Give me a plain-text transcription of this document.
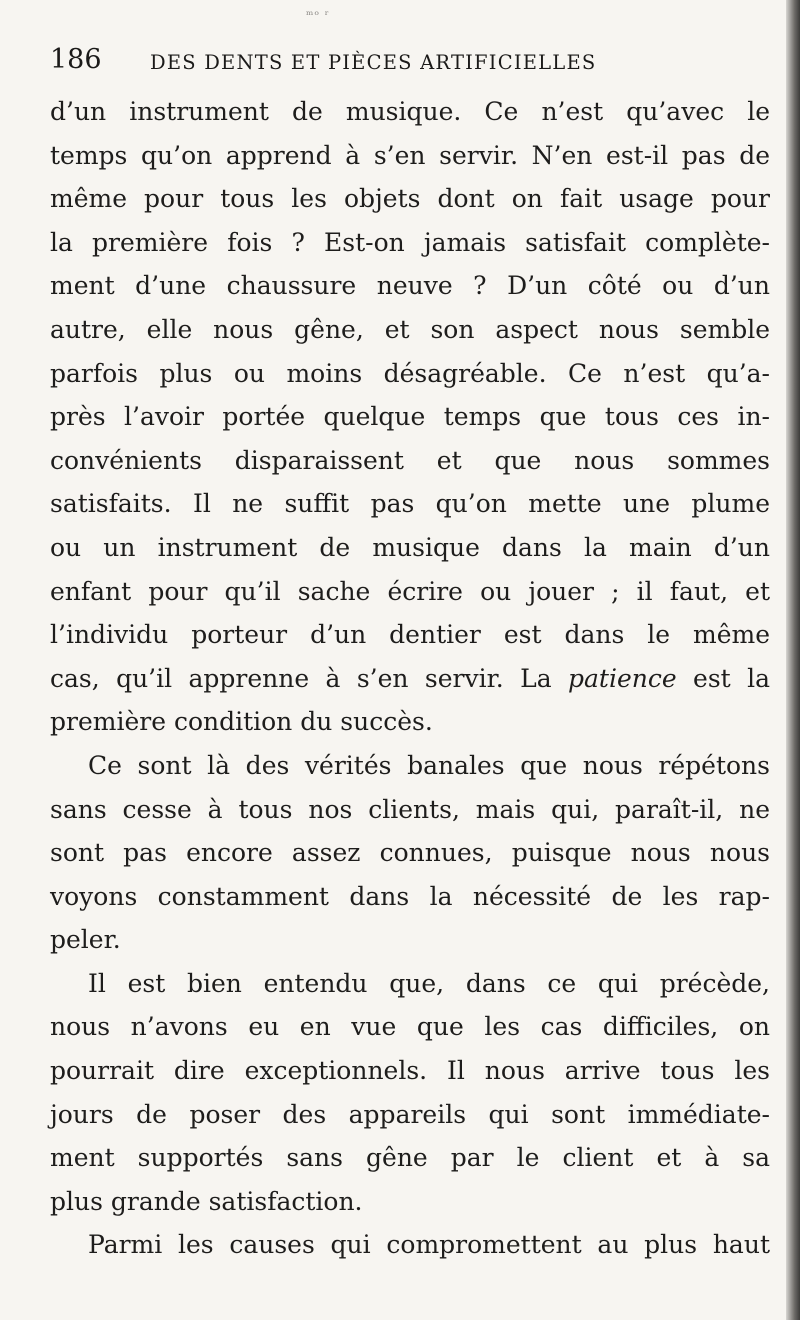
ᵐᵒ ʳ
186 DES DENTS ET PIÈCES ARTIFICIELLES
d’un instrument de musique. Ce n’est qu’avec le
temps qu’on apprend à s’en servir. N’en est-il pas de
même pour tous les objets dont on fait usage pour
la première fois ? Est-on jamais satisfait complète-
ment d’une chaussure neuve ? D’un côté ou d’un
autre, elle nous gêne, et son aspect nous semble
parfois plus ou moins désagréable. Ce n’est qu’a-
près l’avoir portée quelque temps que tous ces in-
convénients disparaissent et que nous sommes
satisfaits. Il ne suffit pas qu’on mette une plume
ou un instrument de musique dans la main d’un
enfant pour qu’il sache écrire ou jouer ; il faut, et
l’individu porteur d’un dentier est dans le même
cas, qu’il apprenne à s’en servir. La patience est la
première condition du succès.
Ce sont là des vérités banales que nous répétons
sans cesse à tous nos clients, mais qui, paraît-il, ne
sont pas encore assez connues, puisque nous nous
voyons constamment dans la nécessité de les rap-
peler.
Il est bien entendu que, dans ce qui précède,
nous n’avons eu en vue que les cas difficiles, on
pourrait dire exceptionnels. Il nous arrive tous les
jours de poser des appareils qui sont immédiate-
ment supportés sans gêne par le client et à sa
plus grande satisfaction.
Parmi les causes qui compromettent au plus haut
